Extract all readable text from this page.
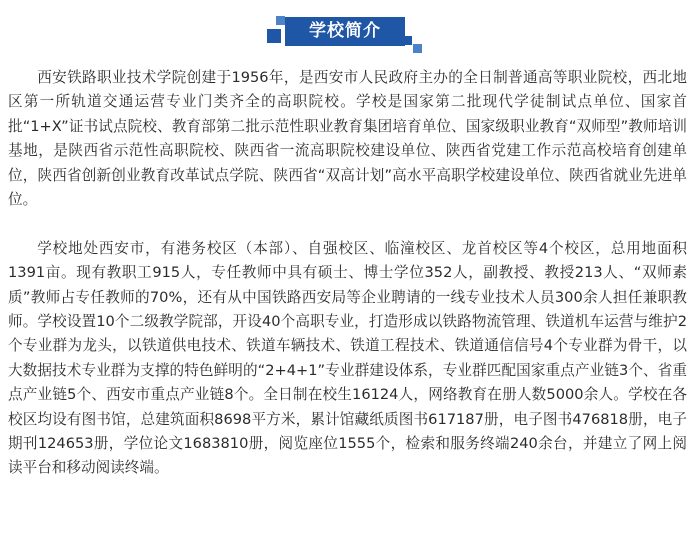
学校简介

西安铁路职业技术学院创建于1956年，是西安市人民政府主办的全日制普通高等职业院校，西北地区第一所轨道交通运营专业门类齐全的高职院校。学校是国家第二批现代学徒制试点单位、国家首批“1+X”证书试点院校、教育部第二批示范性职业教育集团培育单位、国家级职业教育“双师型”教师培训基地，是陕西省示范性高职院校、陕西省一流高职院校建设单位、陕西省党建工作示范高校培育创建单位，陕西省创新创业教育改革试点学院、陕西省“双高计划”高水平高职学校建设单位、陕西省就业先进单位。

学校地处西安市，有港务校区（本部）、自强校区、临潼校区、龙首校区等4个校区，总用地面积1391亩。现有教职工915人，专任教师中具有硕士、博士学位352人，副教授、教授213人、“双师素质”教师占专任教师的70%，还有从中国铁路西安局等企业聘请的一线专业技术人员300余人担任兼职教师。学校设置10个二级教学院部，开设40个高职专业，打造形成以铁路物流管理、铁道机车运营与维护2个专业群为龙头，以铁道供电技术、铁道车辆技术、铁道工程技术、铁道通信信号4个专业群为骨干，以大数据技术专业群为支撑的特色鲜明的“2+4+1”专业群建设体系，专业群匹配国家重点产业链3个、省重点产业链5个、西安市重点产业链8个。全日制在校生16124人，网络教育在册人数5000余人。学校在各校区均设有图书馆，总建筑面积8698平方米，累计馆藏纸质图书617187册，电子图书476818册，电子期刊124653册，学位论文1683810册，阅览座位1555个，检索和服务终端240余台，并建立了网上阅读平台和移动阅读终端。
